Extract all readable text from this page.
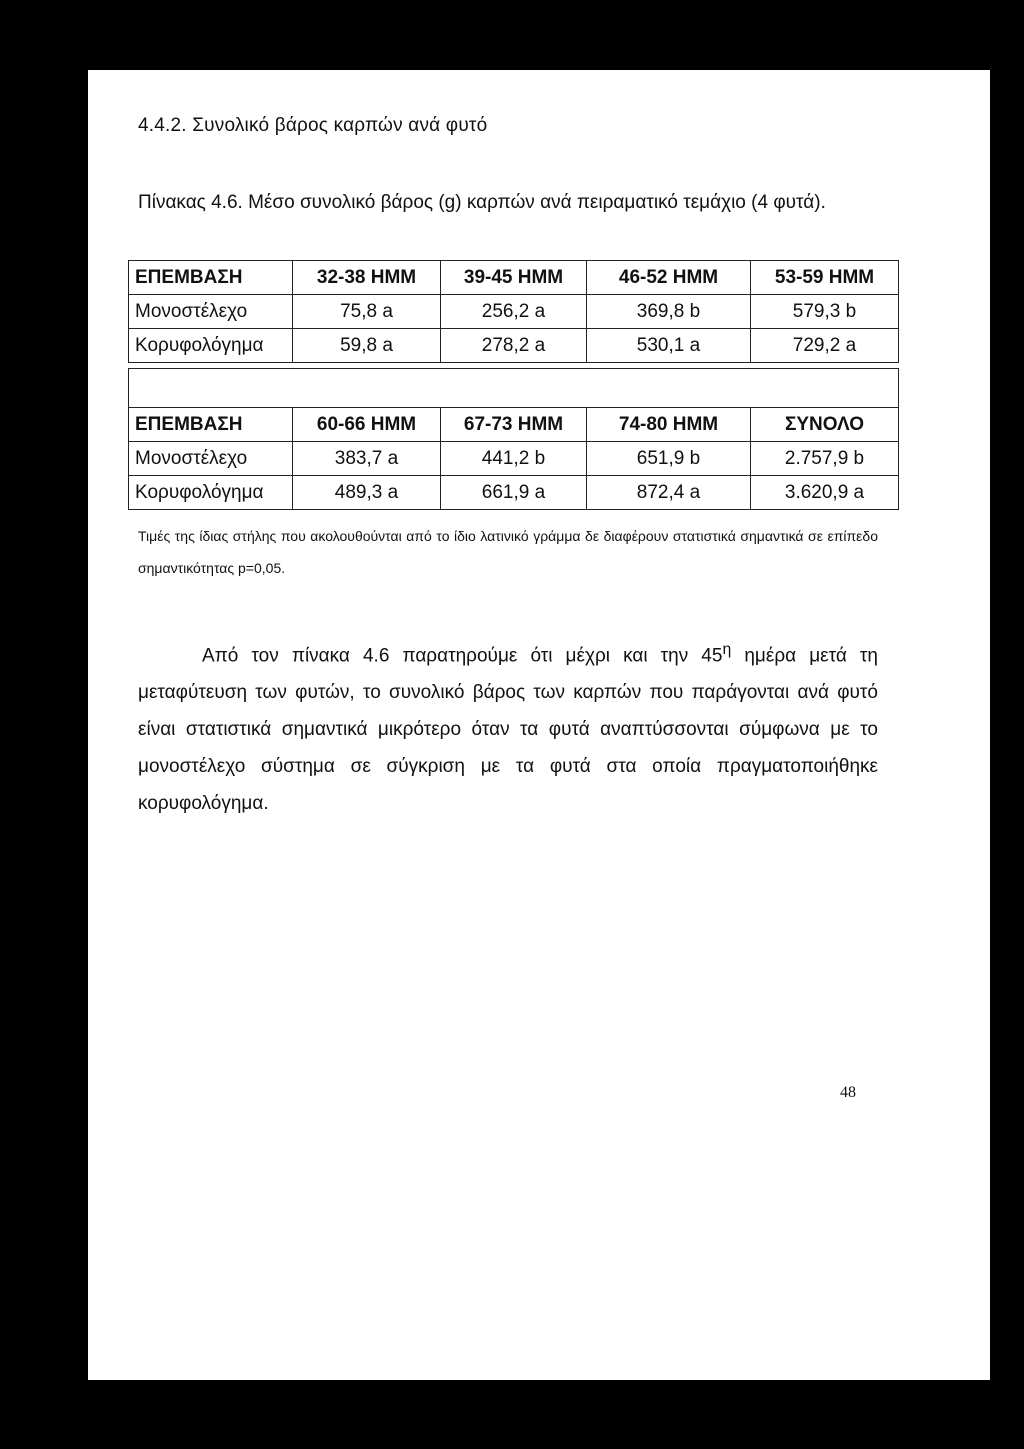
4.4.2. Συνολικό βάρος καρπών ανά φυτό
Πίνακας 4.6. Μέσο συνολικό βάρος (g) καρπών ανά πειραματικό τεμάχιο (4 φυτά).
ΕΠΕΜΒΑΣΗ	32-38 ΗΜΜ	39-45 ΗΜΜ	46-52 ΗΜΜ	53-59 ΗΜΜ
Μονοστέλεχο	75,8 a	256,2 a	369,8 b	579,3 b
Κορυφολόγημα	59,8 a	278,2 a	530,1 a	729,2 a

ΕΠΕΜΒΑΣΗ	60-66 ΗΜΜ	67-73 ΗΜΜ	74-80 ΗΜΜ	ΣΥΝΟΛΟ
Μονοστέλεχο	383,7 a	441,2 b	651,9 b	2.757,9 b
Κορυφολόγημα	489,3 a	661,9 a	872,4 a	3.620,9 a
Τιμές της ίδιας στήλης που ακολουθούνται από το ίδιο λατινικό γράμμα δε διαφέρουν στατιστικά σημαντικά σε επίπεδο σημαντικότητας p=0,05.

Από τον πίνακα 4.6 παρατηρούμε ότι μέχρι και την $45^\eta$ ημέρα μετά τη μεταφύτευση των φυτών, το συνολικό βάρος των καρπών που παράγονται ανά φυτό είναι στατιστικά σημαντικά μικρότερο όταν τα φυτά αναπτύσσονται σύμφωνα με το μονοστέλεχο σύστημα σε σύγκριση με τα φυτά στα οποία πραγματοποιήθηκε κορυφολόγημα.

48
